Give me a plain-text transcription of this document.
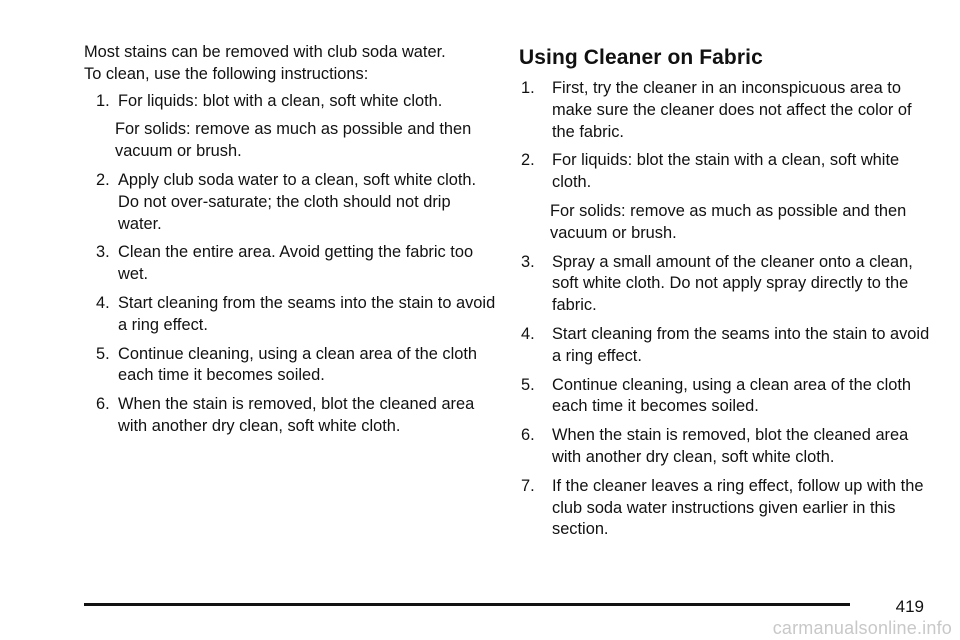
Most stains can be removed with club soda water.
To clean, use the following instructions:

1. For liquids: blot with a clean, soft white cloth.

For solids: remove as much as possible and then vacuum or brush.

2. Apply club soda water to a clean, soft white cloth. Do not over-saturate; the cloth should not drip water.
3. Clean the entire area. Avoid getting the fabric too wet.
4. Start cleaning from the seams into the stain to avoid a ring effect.
5. Continue cleaning, using a clean area of the cloth each time it becomes soiled.
6. When the stain is removed, blot the cleaned area with another dry clean, soft white cloth.
Using Cleaner on Fabric
1.	First, try the cleaner in an inconspicuous area to make sure the cleaner does not affect the color of the fabric.
2.	For liquids: blot the stain with a clean, soft white cloth.

For solids: remove as much as possible and then vacuum or brush.

3.	Spray a small amount of the cleaner onto a clean, soft white cloth. Do not apply spray directly to the fabric.
4.	Start cleaning from the seams into the stain to avoid a ring effect.
5.	Continue cleaning, using a clean area of the cloth each time it becomes soiled.
6.	When the stain is removed, blot the cleaned area with another dry clean, soft white cloth.
7.	If the cleaner leaves a ring effect, follow up with the club soda water instructions given earlier in this section.
419
carmanualsonline.info
